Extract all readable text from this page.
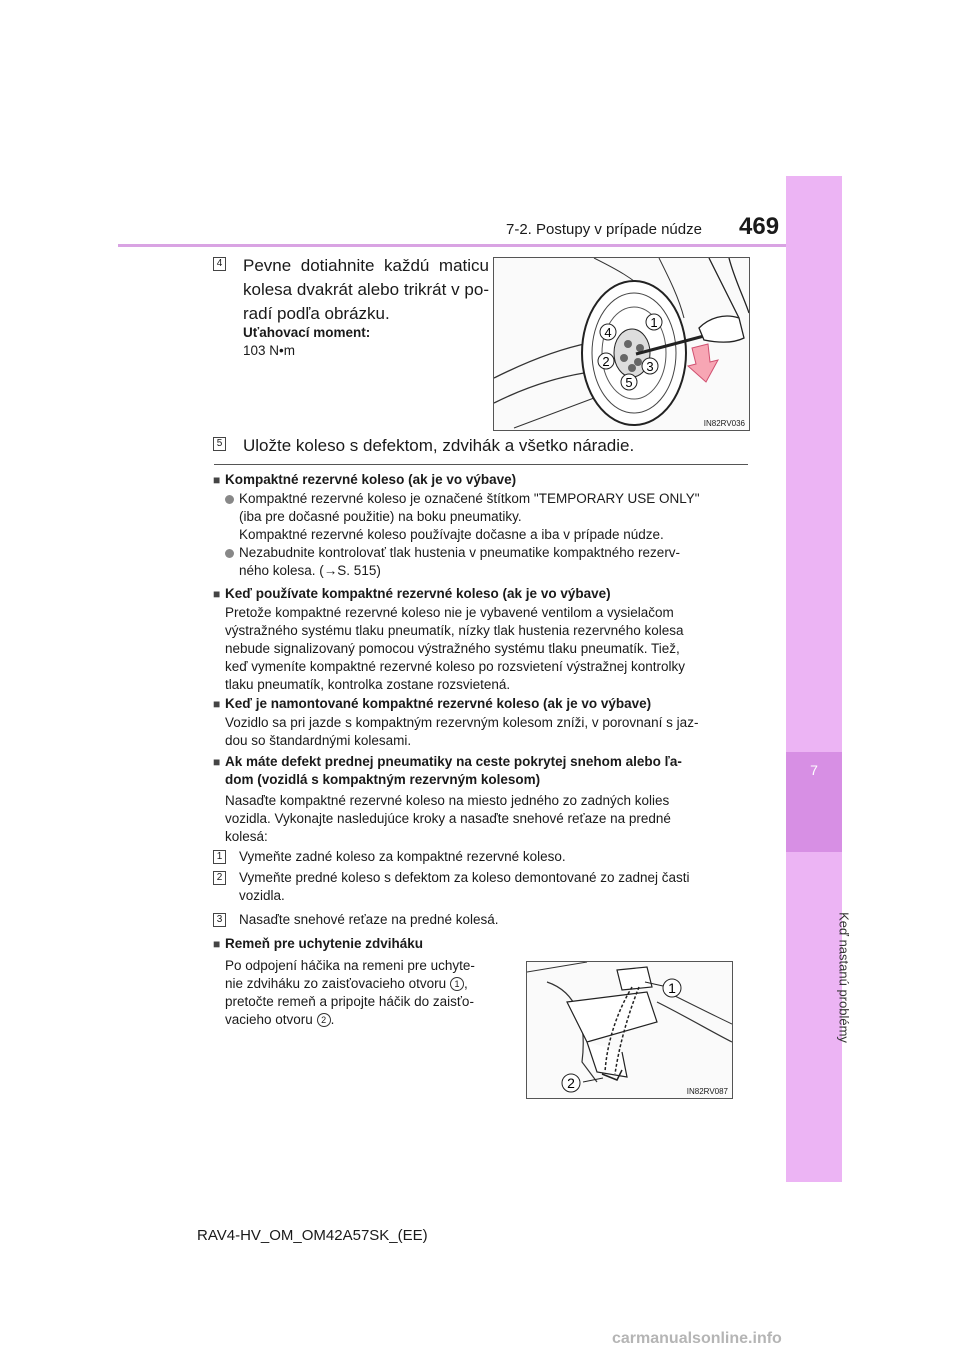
7-2. Postupy v prípade núdze 469
7
Keď nastanú problémy
4 Pevne dotiahnite každú maticu
kolesa dvakrát alebo trikrát v po-
radí podľa obrázku.
Uťahovací moment:
103 N•m
1
2	3
4
5
IN82RV036
5 Uložte koleso s defektom, zdvihák a všetko náradie.
■ Kompaktné rezervné koleso (ak je vo výbave)
Kompaktné rezervné koleso je označené štítkom "TEMPORARY USE ONLY"
(iba pre dočasné použitie) na boku pneumatiky.
Kompaktné rezervné koleso používajte dočasne a iba v prípade núdze.
Nezabudnite kontrolovať tlak hustenia v pneumatike kompaktného rezerv-
ného kolesa. (→S. 515)
■ Keď používate kompaktné rezervné koleso (ak je vo výbave)
Pretože kompaktné rezervné koleso nie je vybavené ventilom a vysielačom
výstražného systému tlaku pneumatík, nízky tlak hustenia rezervného kolesa
nebude signalizovaný pomocou výstražného systému tlaku pneumatík. Tiež,
keď vymeníte kompaktné rezervné koleso po rozsvietení výstražnej kontrolky
tlaku pneumatík, kontrolka zostane rozsvietená.
■ Keď je namontované kompaktné rezervné koleso (ak je vo výbave)
Vozidlo sa pri jazde s kompaktným rezervným kolesom zníži, v porovnaní s jaz-
dou so štandardnými kolesami.
■ Ak máte defekt prednej pneumatiky na ceste pokrytej snehom alebo ľa-
dom (vozidlá s kompaktným rezervným kolesom)
Nasaďte kompaktné rezervné koleso na miesto jedného zo zadných kolies
vozidla. Vykonajte nasledujúce kroky a nasaďte snehové reťaze na predné
kolesá:
1 Vymeňte zadné koleso za kompaktné rezervné koleso.
2 Vymeňte predné koleso s defektom za koleso demontované zo zadnej časti
vozidla.
3 Nasaďte snehové reťaze na predné kolesá.
■ Remeň pre uchytenie zdviháku
Po odpojení háčika na remeni pre uchyte-
nie zdviháku zo zaisťovacieho otvoru 1 ,
pretočte remeň a pripojte háčik do zaisťo-
vacieho otvoru 2 .
1
2
IN82RV087
RAV4-HV_OM_OM42A57SK_(EE)
carmanualsonline.info
